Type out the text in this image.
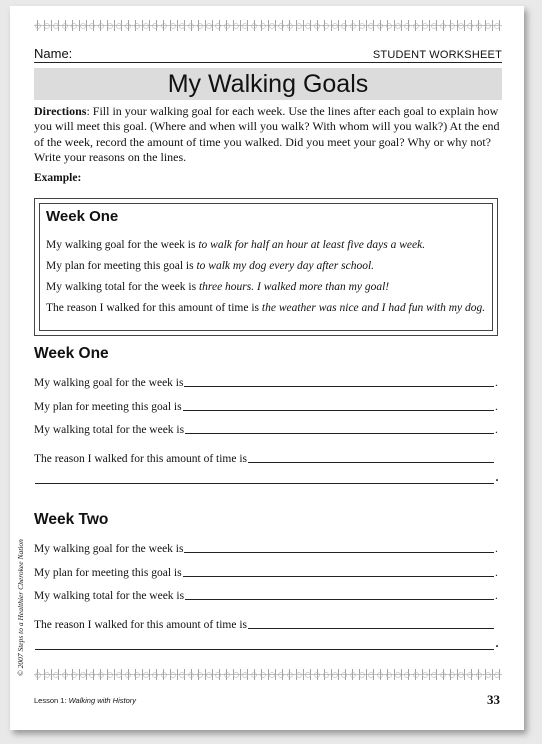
Name:	STUDENT WORKSHEET
My Walking Goals
Directions: Fill in your walking goal for each week. Use the lines after each goal to explain how you will meet this goal. (Where and when will you walk? With whom will you walk?) At the end of the week, record the amount of time you walked. Did you meet your goal? Why or why not? Write your reasons on the lines.
Example:
Week One
My walking goal for the week is to walk for half an hour at least five days a week.
My plan for meeting this goal is to walk my dog every day after school.
My walking total for the week is three hours. I walked more than my goal!
The reason I walked for this amount of time is the weather was nice and I had fun with my dog.
Week One
My walking goal for the week is	.
My plan for meeting this goal is	.
My walking total for the week is	.
The reason I walked for this amount of time is
.
Week Two
My walking goal for the week is	.
My plan for meeting this goal is	.
My walking total for the week is	.
The reason I walked for this amount of time is
.
© 2007 Steps to a Healthier Cherokee Nation
Lesson 1: Walking with History	33
